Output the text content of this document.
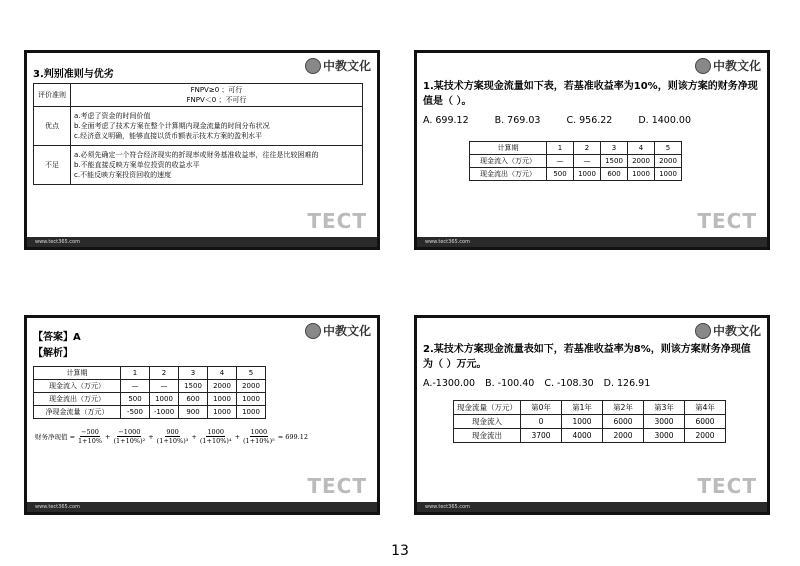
中教文化
3.判别准则与优劣
评价准则	FNPV≥0 ；可行
FNPV＜0 ；不可行

优点	a.考虑了资金的时间价值
b.全面考虑了技术方案在整个计算期内现金流量的时间分布状况
c.经济意义明确，能够直接以货币额表示技术方案的盈利水平

不足	a.必须先确定一个符合经济现实的折现率或财务基准收益率，往往是比较困难的
b.不能直接反映方案单位投资的收益水平
c.不能反映方案投资回收的速度
TECT
www.tect365.com
中教文化
1.某技术方案现金流量如下表，若基准收益率为10%，则该方案的财务净现值是（ ）。
A. 699.12	B. 769.03	C. 956.22	D. 1400.00
计算期	1	2	3	4	5
现金流入（万元）	—	—	1500	2000	2000
现金流出（万元）	500	1000	600	1000	1000
TECT
www.tect365.com
中教文化
【答案】A
【解析】
计算期	1	2	3	4	5
现金流入（万元）	—	—	1500	2000	2000
现金流出（万元）	500	1000	600	1000	1000
净现金流量（万元）	-500	-1000	900	1000	1000
财务净现值 = $\frac{-500}{1+10\%} + \frac{-1000}{\text{(1+10\%)²}} + \frac{900}{\text{(1+10\%)³}} + \frac{1000}{\text{(1+10\%)⁴}} + \frac{1000}{\text{(1+10\%)⁵}} = 699.12$
TECT
www.tect365.com
中教文化
2.某技术方案现金流量表如下，若基准收益率为8%，则该方案财务净现值为（ ）万元。
A.-1300.00 B. -100.40 C. -108.30 D. 126.91
现金流量（万元）	第0年	第1年	第2年	第3年	第4年
现金流入	0	1000	6000	3000	6000
现金流出	3700	4000	2000	3000	2000
TECT
www.tect365.com
13
